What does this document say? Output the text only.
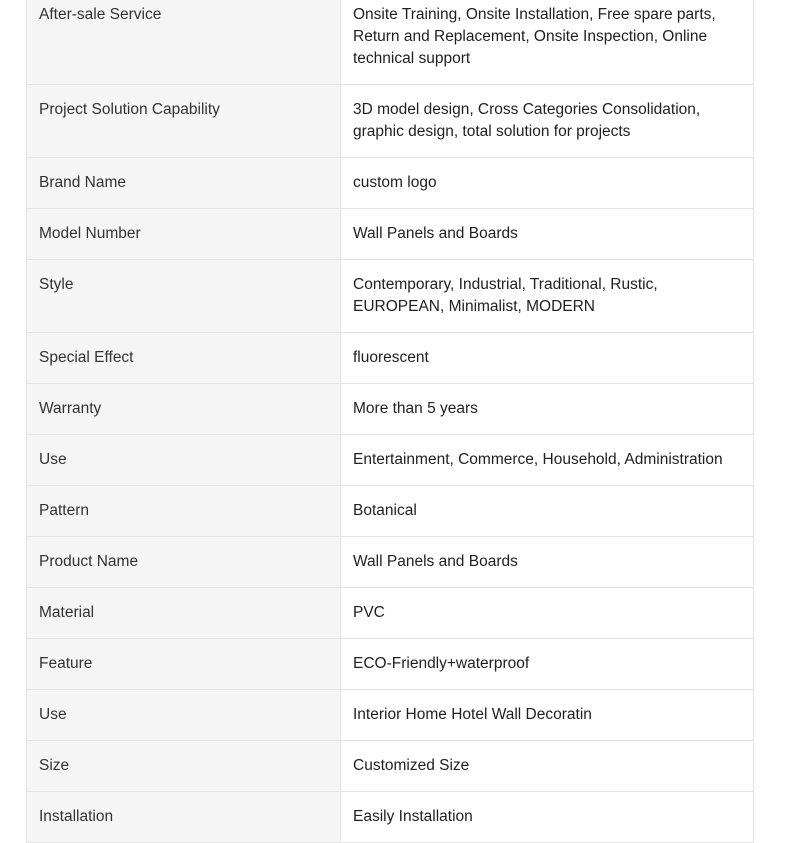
After-sale Service	Onsite Training, Onsite Installation, Free spare parts, Return and Replacement, Onsite Inspection, Online technical support
Project Solution Capability	3D model design, Cross Categories Consolidation, graphic design, total solution for projects
Brand Name	custom logo
Model Number	Wall Panels and Boards
Style	Contemporary, Industrial, Traditional, Rustic, EUROPEAN, Minimalist, MODERN
Special Effect	fluorescent
Warranty	More than 5 years
Use	Entertainment, Commerce, Household, Administration
Pattern	Botanical
Product Name	Wall Panels and Boards
Material	PVC
Feature	ECO-Friendly+waterproof
Use	Interior Home Hotel Wall Decoratin
Size	Customized Size
Installation	Easily Installation
